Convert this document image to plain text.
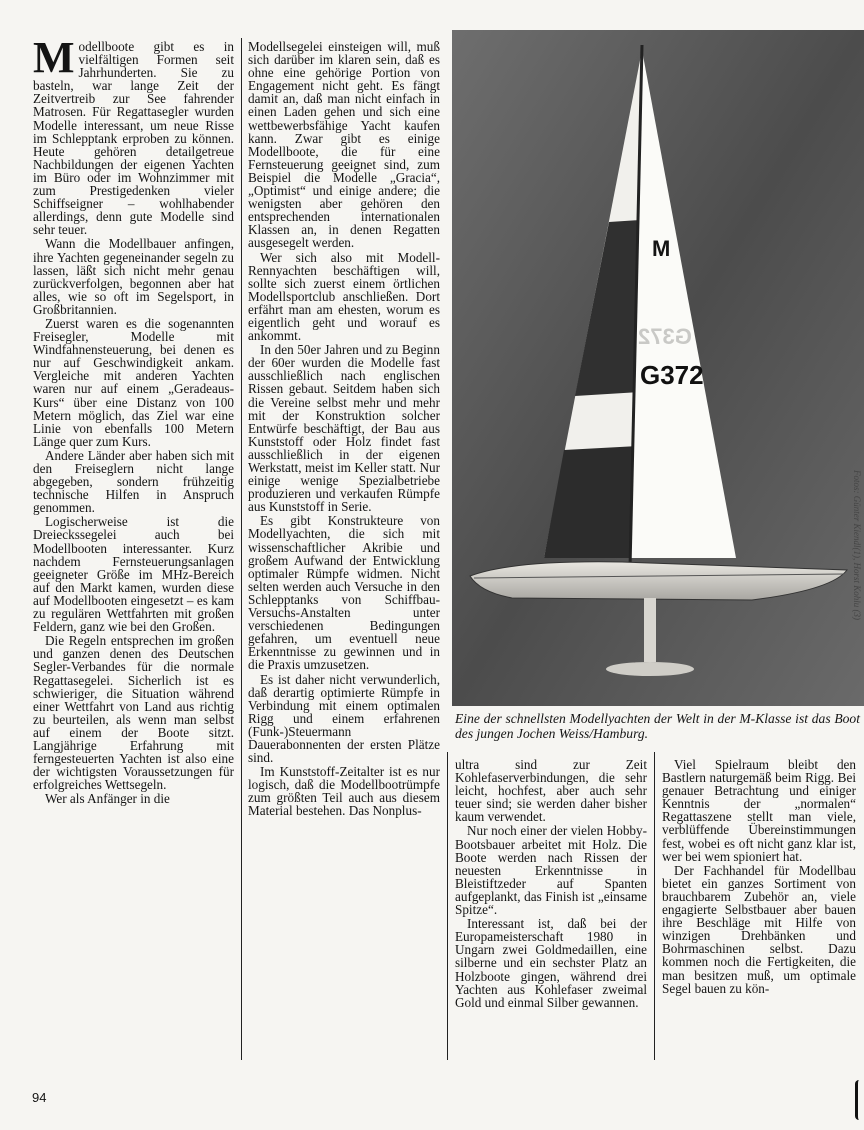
Modellboote gibt es in vielfältigen Formen seit Jahrhunderten. Sie zu basteln, war lange Zeit der Zeitvertreib zur See fahrender Matrosen. Für Regattasegler wurden Modelle interessant, um neue Risse im Schlepptank erproben zu können. Heute gehören detailgetreue Nachbildungen der eigenen Yachten im Büro oder im Wohnzimmer mit zum Prestigedenken vieler Schiffseigner – wohlhabender allerdings, denn gute Modelle sind sehr teuer.

Wann die Modellbauer anfingen, ihre Yachten gegeneinander segeln zu lassen, läßt sich nicht mehr genau zurückverfolgen, begonnen aber hat alles, wie so oft im Segelsport, in Großbritannien.

Zuerst waren es die sogenannten Freisegler, Modelle mit Windfahnensteuerung, bei denen es nur auf Geschwindigkeit ankam. Vergleiche mit anderen Yachten waren nur auf einem „Geradeaus-Kurs“ über eine Distanz von 100 Metern möglich, das Ziel war eine Linie von ebenfalls 100 Metern Länge quer zum Kurs.

Andere Länder aber haben sich mit den Freiseglern nicht lange abgegeben, sondern frühzeitig technische Hilfen in Anspruch genommen.

Logischerweise ist die Dreieckssegelei auch bei Modellbooten interessanter. Kurz nachdem Fernsteuerungsanlagen geeigneter Größe im MHz-Bereich auf den Markt kamen, wurden diese auf Modellbooten eingesetzt – es kam zu regulären Wettfahrten mit großen Feldern, ganz wie bei den Großen.

Die Regeln entsprechen im großen und ganzen denen des Deutschen Segler-Verbandes für die normale Regattasegelei. Sicherlich ist es schwieriger, die Situation während einer Wettfahrt von Land aus richtig zu beurteilen, als wenn man selbst auf einem der Boote sitzt. Langjährige Erfahrung mit ferngesteuerten Yachten ist also eine der wichtigsten Voraussetzungen für erfolgreiches Wettsegeln.

Wer als Anfänger in die

Modellsegelei einsteigen will, muß sich darüber im klaren sein, daß es ohne eine gehörige Portion von Engagement nicht geht. Es fängt damit an, daß man nicht einfach in einen Laden gehen und sich eine wettbewerbsfähige Yacht kaufen kann. Zwar gibt es einige Modellboote, die für eine Fernsteuerung geeignet sind, zum Beispiel die Modelle „Gracia“, „Optimist“ und einige andere; die wenigsten aber gehören den entsprechenden internationalen Klassen an, in denen Regatten ausgesegelt werden.

Wer sich also mit Modell-Rennyachten beschäftigen will, sollte sich zuerst einem örtlichen Modellsportclub anschließen. Dort erfährt man am ehesten, worum es eigentlich geht und worauf es ankommt.

In den 50er Jahren und zu Beginn der 60er wurden die Modelle fast ausschließlich nach englischen Rissen gebaut. Seitdem haben sich die Vereine selbst mehr und mehr mit der Konstruktion solcher Entwürfe beschäftigt, der Bau aus Kunststoff oder Holz findet fast ausschließlich in der eigenen Werkstatt, meist im Keller statt. Nur einige wenige Spezialbetriebe produzieren und verkaufen Rümpfe aus Kunststoff in Serie.

Es gibt Konstrukteure von Modellyachten, die sich mit wissenschaftlicher Akribie und großem Aufwand der Entwicklung optimaler Rümpfe widmen. Nicht selten werden auch Versuche in den Schlepptanks von Schiffbau-Versuchs-Anstalten unter verschiedenen Bedingungen gefahren, um eventuell neue Erkenntnisse zu gewinnen und in die Praxis umzusetzen.

Es ist daher nicht verwunderlich, daß derartig optimierte Rümpfe in Verbindung mit einem optimalen Rigg und einem erfahrenen (Funk-)Steuermann Dauerabonnenten der ersten Plätze sind.

Im Kunststoff-Zeitalter ist es nur logisch, daß die Modellbootrümpfe zum größten Teil auch aus diesem Material bestehen. Das Nonplus-

M
G372
G372
Fotos: Günter Kiendl(1), Horst Kohlu (3)
Eine der schnellsten Modellyachten der Welt in der M-Klasse ist das Boot des jungen Jochen Weiss/Hamburg.

ultra sind zur Zeit Kohlefaserverbindungen, die sehr leicht, hochfest, aber auch sehr teuer sind; sie werden daher bisher kaum verwendet.

Nur noch einer der vielen Hobby-Bootsbauer arbeitet mit Holz. Die Boote werden nach Rissen der neuesten Erkenntnisse in Bleistiftzeder auf Spanten aufgeplankt, das Finish ist „einsame Spitze“.

Interessant ist, daß bei der Europameisterschaft 1980 in Ungarn zwei Goldmedaillen, eine silberne und ein sechster Platz an Holzboote gingen, während drei Yachten aus Kohlefaser zweimal Gold und einmal Silber gewannen.

Viel Spielraum bleibt den Bastlern naturgemäß beim Rigg. Bei genauer Betrachtung und einiger Kenntnis der „normalen“ Regattaszene stellt man viele, verblüffende Übereinstimmungen fest, wobei es oft nicht ganz klar ist, wer bei wem spioniert hat.

Der Fachhandel für Modellbau bietet ein ganzes Sortiment von brauchbarem Zubehör an, viele engagierte Selbstbauer aber bauen ihre Beschläge mit Hilfe von winzigen Drehbänken und Bohrmaschinen selbst. Dazu kommen noch die Fertigkeiten, die man besitzen muß, um optimale Segel bauen zu kön-

94
